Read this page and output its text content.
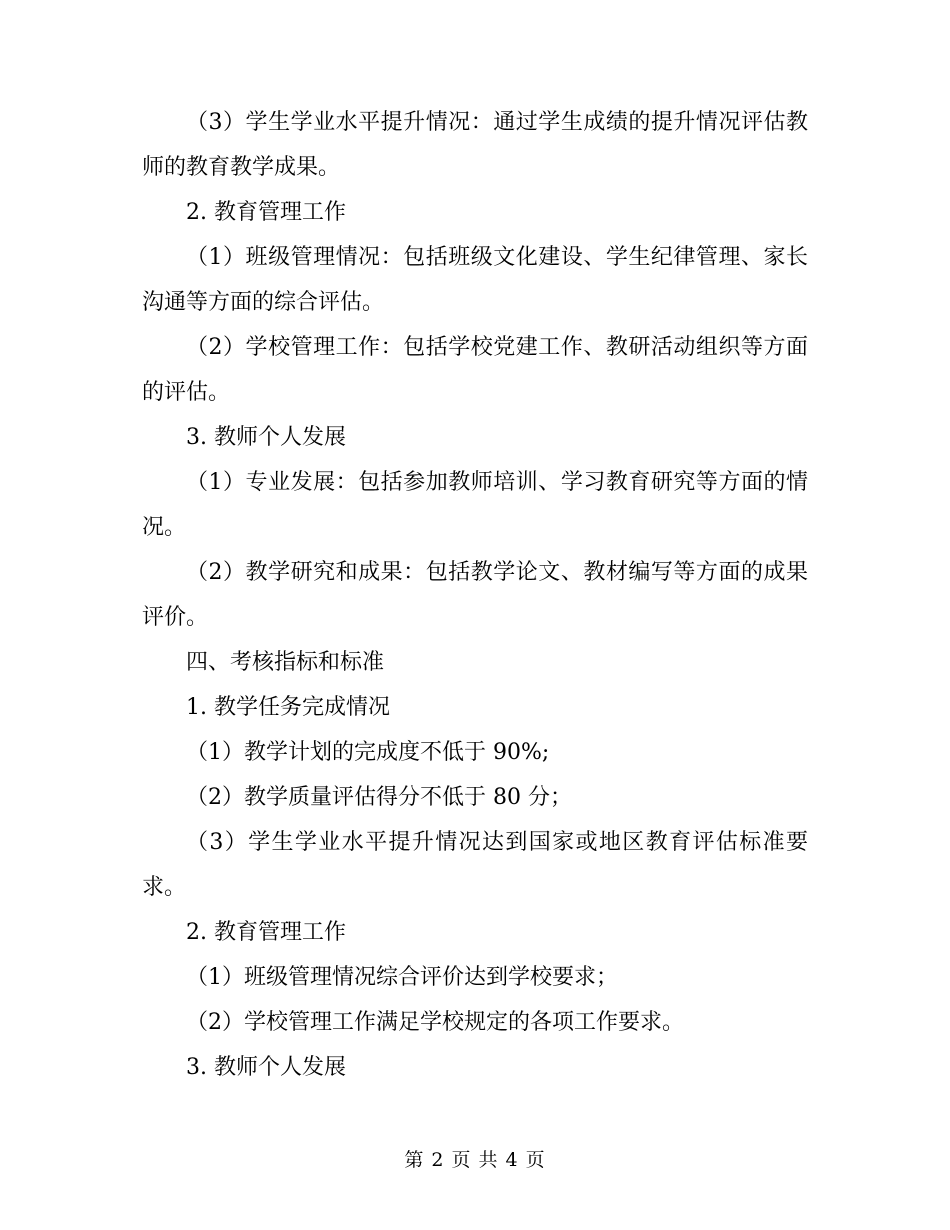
（3）学生学业水平提升情况：通过学生成绩的提升情况评估教师的教育教学成果。

2. 教育管理工作

（1）班级管理情况：包括班级文化建设、学生纪律管理、家长沟通等方面的综合评估。

（2）学校管理工作：包括学校党建工作、教研活动组织等方面的评估。

3. 教师个人发展

（1）专业发展：包括参加教师培训、学习教育研究等方面的情况。

（2）教学研究和成果：包括教学论文、教材编写等方面的成果评价。

四、考核指标和标准

1. 教学任务完成情况

（1）教学计划的完成度不低于 90%;

（2）教学质量评估得分不低于 80 分；

（3）学生学业水平提升情况达到国家或地区教育评估标准要求。

2. 教育管理工作

（1）班级管理情况综合评价达到学校要求；

（2）学校管理工作满足学校规定的各项工作要求。

3. 教师个人发展

第 2 页 共 4 页
